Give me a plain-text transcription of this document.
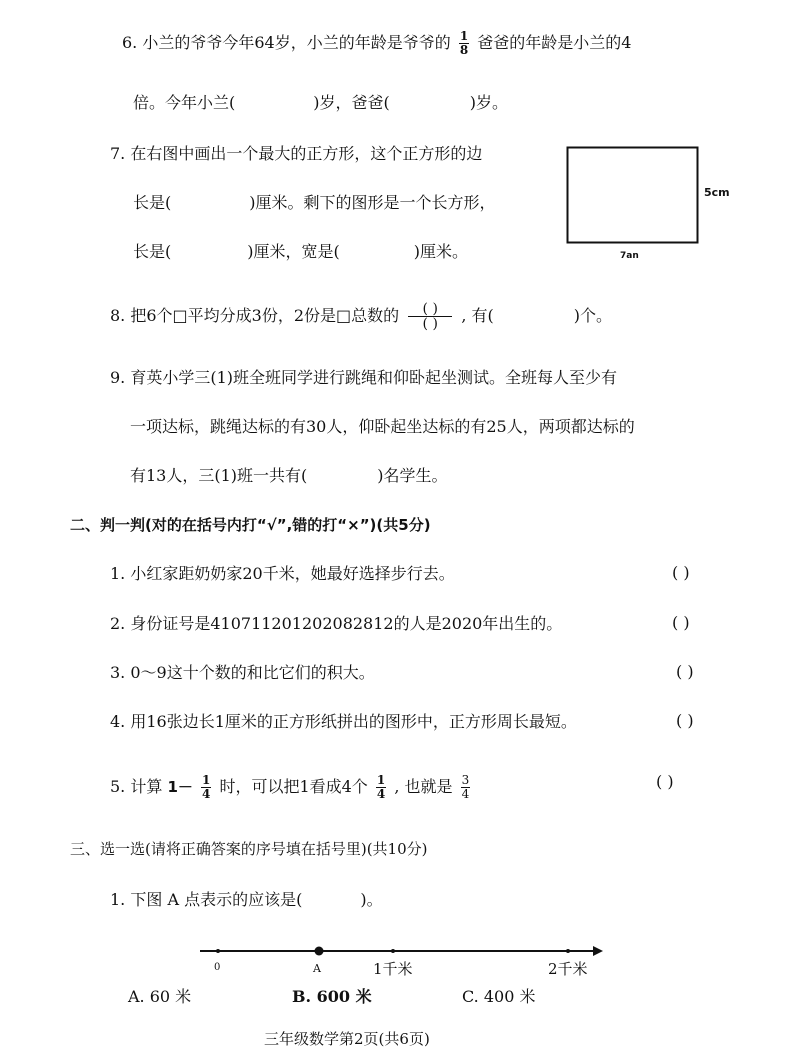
6. 小兰的爷爷今年64岁，小兰的年龄是爷爷的 $\frac{1}{8}$ 爸爸的年龄是小兰的4
倍。今年小兰(	)岁，爸爸(	)岁。
7. 在右图中画出一个最大的正方形，这个正方形的边
长是(	)厘米。剩下的图形是一个长方形，
长是(	)厘米，宽是(	)厘米。
5cm
7an
8. 把6个□平均分成3份，2份是□总数的 ( )
( ) , 有(	)个。
9. 育英小学三(1)班全班同学进行跳绳和仰卧起坐测试。全班每人至少有
一项达标，跳绳达标的有30人，仰卧起坐达标的有25人，两项都达标的
有13人，三(1)班一共有(	)名学生。
二、判一判(对的在括号内打“√”,错的打“×”)(共5分)
1. 小红家距奶奶家20千米，她最好选择步行去。	( )
2. 身份证号是410711201202082812的人是2020年出生的。	( )
3. 0～9这十个数的和比它们的积大。	( )
4. 用16张边长1厘米的正方形纸拼出的图形中，正方形周长最短。	( )
5. 计算 $1- \frac{1}{4}$ 时，可以把1看成4个 $\frac{1}{4}$ , 也就是 $\frac{3}{4}$	( )
三、选一选(请将正确答案的序号填在括号里)(共10分)
1. 下图 A 点表示的应该是(	)。
0	A	1千米	2千米
A. 60 米	B. 600 米	C. 400 米
三年级数学第2页(共6页)
